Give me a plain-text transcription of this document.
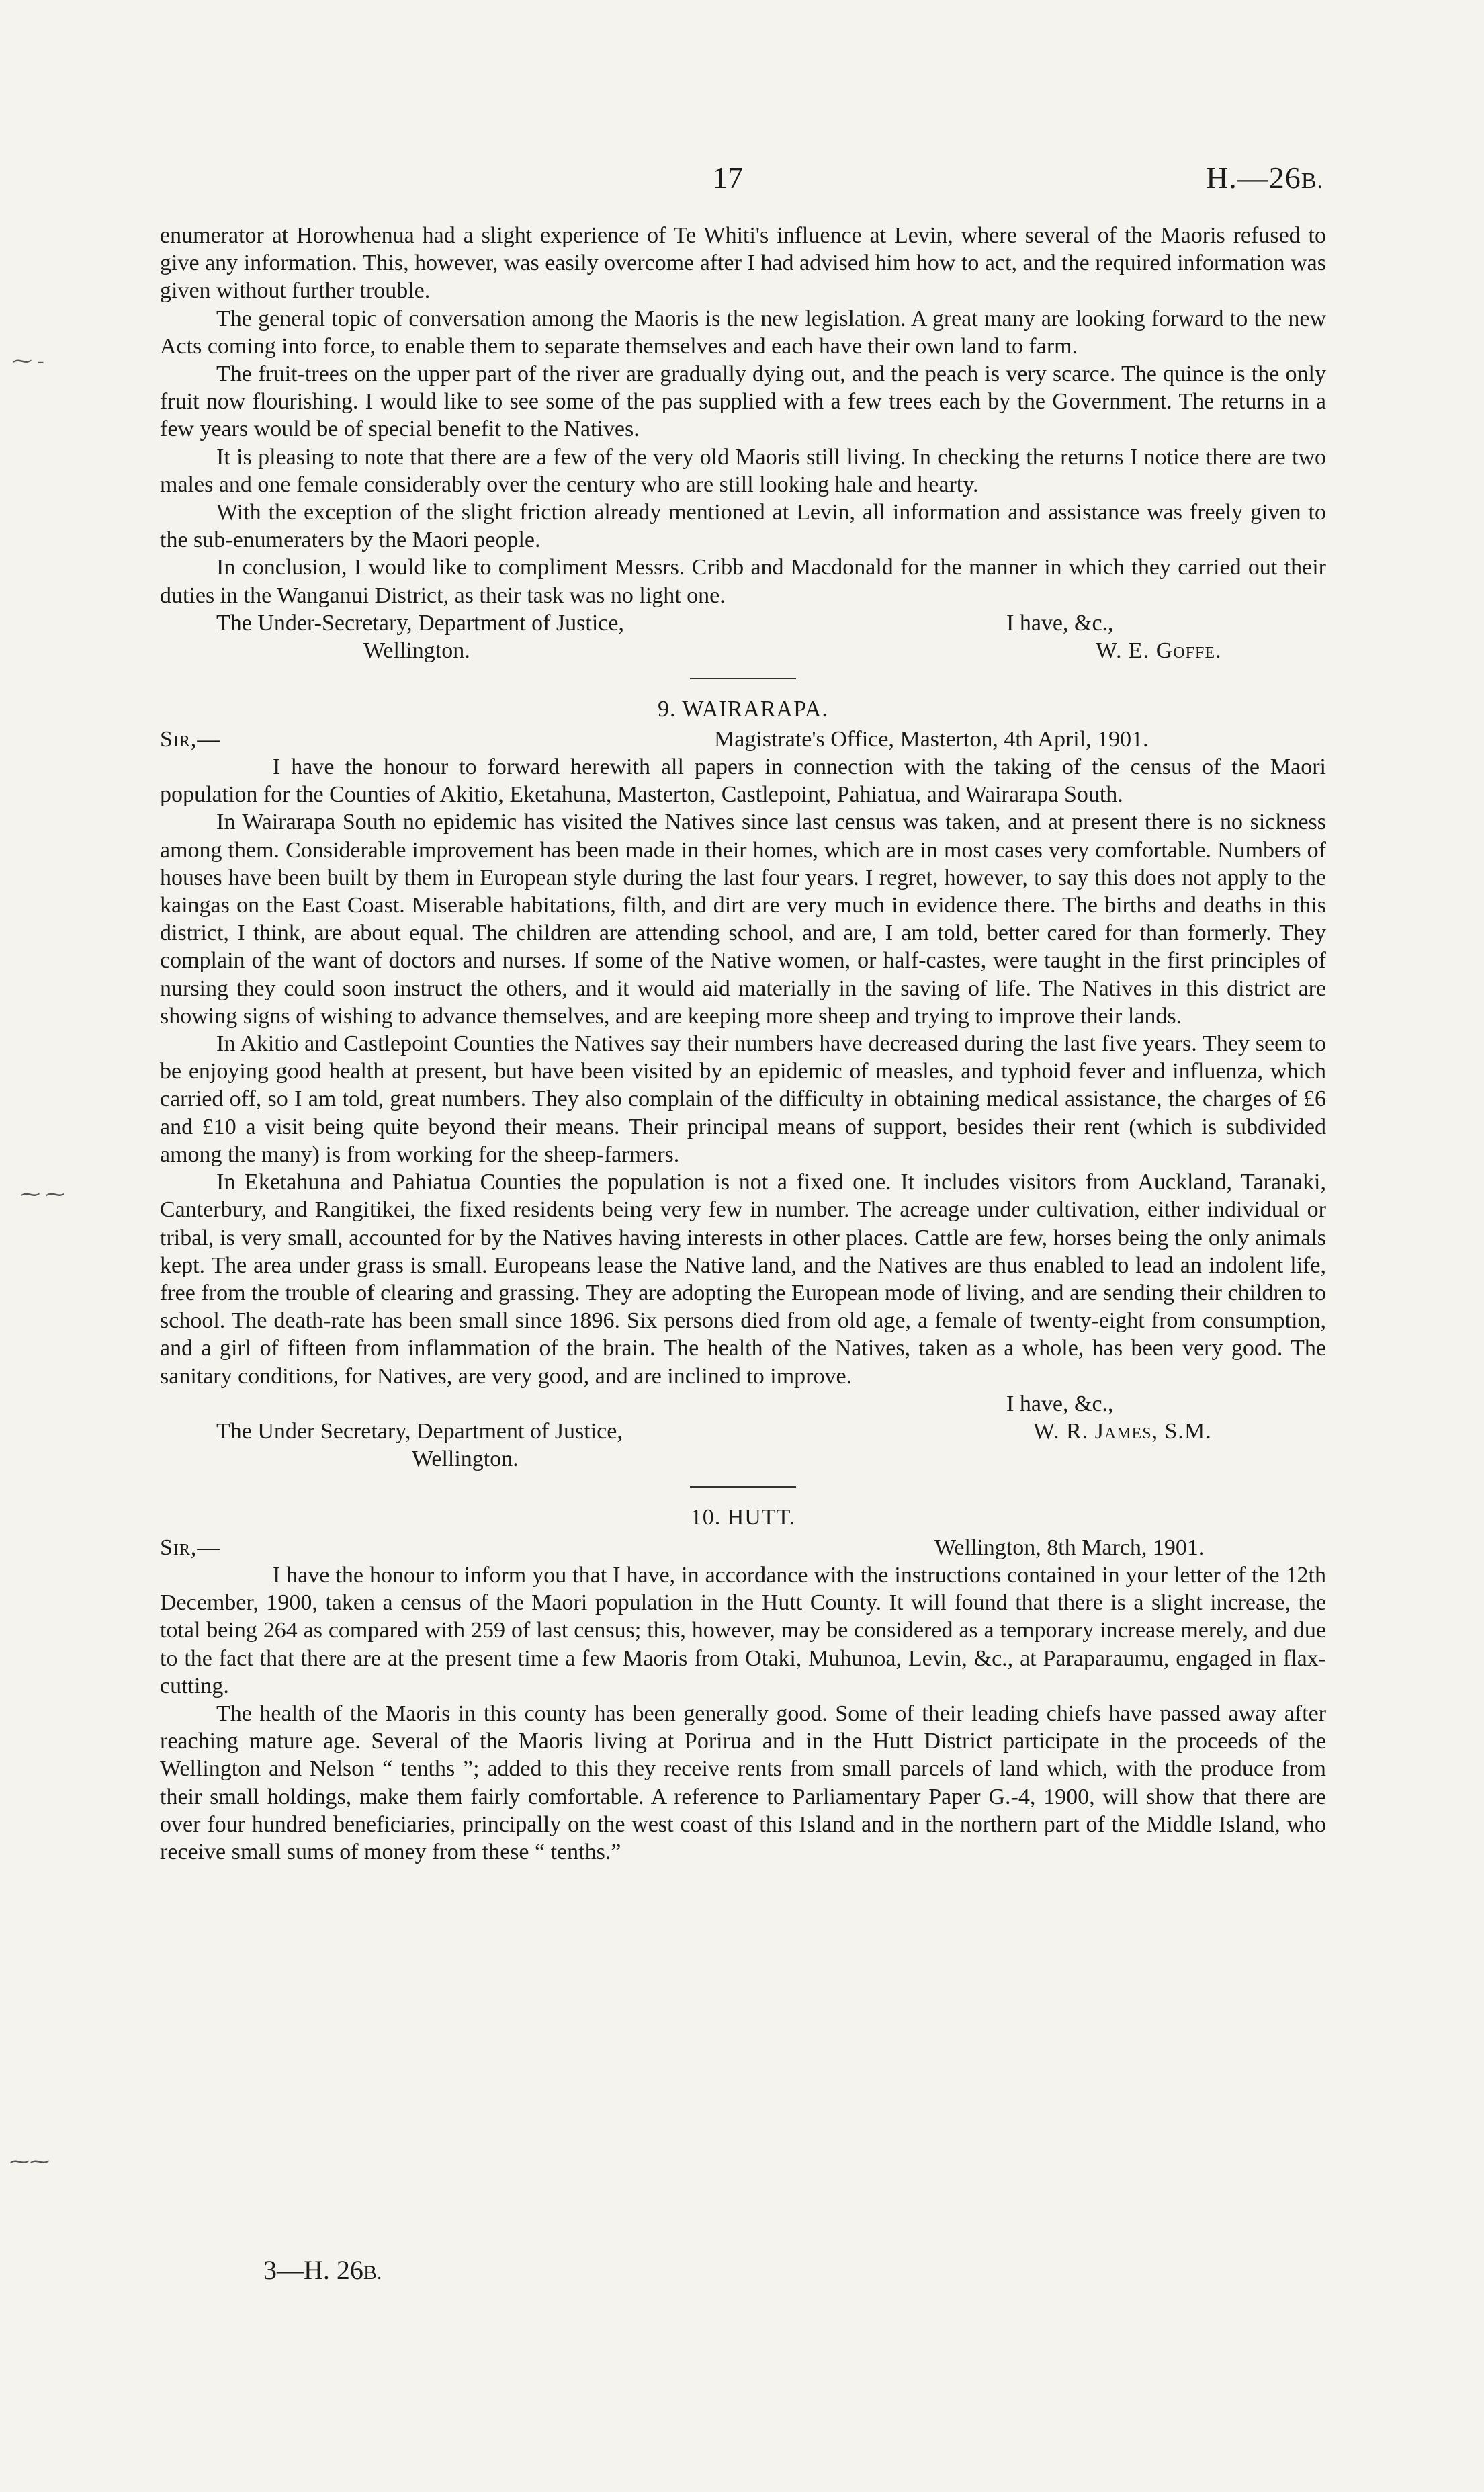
17	H.—26B.
⁓ ‐
⁓ ⁓
⁓⁓

enumerator at Horowhenua had a slight experience of Te Whiti's influence at Levin, where several of the Maoris refused to give any information. This, however, was easily overcome after I had advised him how to act, and the required information was given without further trouble.

The general topic of conversation among the Maoris is the new legislation. A great many are looking forward to the new Acts coming into force, to enable them to separate themselves and each have their own land to farm.

The fruit-trees on the upper part of the river are gradually dying out, and the peach is very scarce. The quince is the only fruit now flourishing. I would like to see some of the pas supplied with a few trees each by the Government. The returns in a few years would be of special benefit to the Natives.

It is pleasing to note that there are a few of the very old Maoris still living. In checking the returns I notice there are two males and one female considerably over the century who are still looking hale and hearty.

With the exception of the slight friction already mentioned at Levin, all information and assistance was freely given to the sub-enumeraters by the Maori people.

In conclusion, I would like to compliment Messrs. Cribb and Macdonald for the manner in which they carried out their duties in the Wanganui District, as their task was no light one.

The Under-Secretary, Department of Justice,	I have, &c.,
Wellington.	W. E. Goffe.

9. WAIRARAPA.

Sir,—	Magistrate's Office, Masterton, 4th April, 1901.

I have the honour to forward herewith all papers in connection with the taking of the census of the Maori population for the Counties of Akitio, Eketahuna, Masterton, Castlepoint, Pahiatua, and Wairarapa South.

In Wairarapa South no epidemic has visited the Natives since last census was taken, and at present there is no sickness among them. Considerable improvement has been made in their homes, which are in most cases very comfortable. Numbers of houses have been built by them in European style during the last four years. I regret, however, to say this does not apply to the kaingas on the East Coast. Miserable habitations, filth, and dirt are very much in evidence there. The births and deaths in this district, I think, are about equal. The children are attending school, and are, I am told, better cared for than formerly. They complain of the want of doctors and nurses. If some of the Native women, or half-castes, were taught in the first principles of nursing they could soon instruct the others, and it would aid materially in the saving of life. The Natives in this district are showing signs of wishing to advance themselves, and are keeping more sheep and trying to improve their lands.

In Akitio and Castlepoint Counties the Natives say their numbers have decreased during the last five years. They seem to be enjoying good health at present, but have been visited by an epidemic of measles, and typhoid fever and influenza, which carried off, so I am told, great numbers. They also complain of the difficulty in obtaining medical assistance, the charges of £6 and £10 a visit being quite beyond their means. Their principal means of support, besides their rent (which is subdivided among the many) is from working for the sheep-farmers.

In Eketahuna and Pahiatua Counties the population is not a fixed one. It includes visitors from Auckland, Taranaki, Canterbury, and Rangitikei, the fixed residents being very few in number. The acreage under cultivation, either individual or tribal, is very small, accounted for by the Natives having interests in other places. Cattle are few, horses being the only animals kept. The area under grass is small. Europeans lease the Native land, and the Natives are thus enabled to lead an indolent life, free from the trouble of clearing and grassing. They are adopting the European mode of living, and are sending their children to school. The death-rate has been small since 1896. Six persons died from old age, a female of twenty-eight from consumption, and a girl of fifteen from inflammation of the brain. The health of the Natives, taken as a whole, has been very good. The sanitary conditions, for Natives, are very good, and are inclined to improve.

I have, &c.,
The Under Secretary, Department of Justice,	W. R. James, S.M.
Wellington.

10. HUTT.

Sir,—	Wellington, 8th March, 1901.

I have the honour to inform you that I have, in accordance with the instructions contained in your letter of the 12th December, 1900, taken a census of the Maori population in the Hutt County. It will found that there is a slight increase, the total being 264 as compared with 259 of last census; this, however, may be considered as a temporary increase merely, and due to the fact that there are at the present time a few Maoris from Otaki, Muhunoa, Levin, &c., at Paraparaumu, engaged in flax-cutting.

The health of the Maoris in this county has been generally good. Some of their leading chiefs have passed away after reaching mature age. Several of the Maoris living at Porirua and in the Hutt District participate in the proceeds of the Wellington and Nelson “ tenths ”; added to this they receive rents from small parcels of land which, with the produce from their small holdings, make them fairly comfortable. A reference to Parliamentary Paper G.-4, 1900, will show that there are over four hundred beneficiaries, principally on the west coast of this Island and in the northern part of the Middle Island, who receive small sums of money from these “ tenths.”

3—H. 26B.
